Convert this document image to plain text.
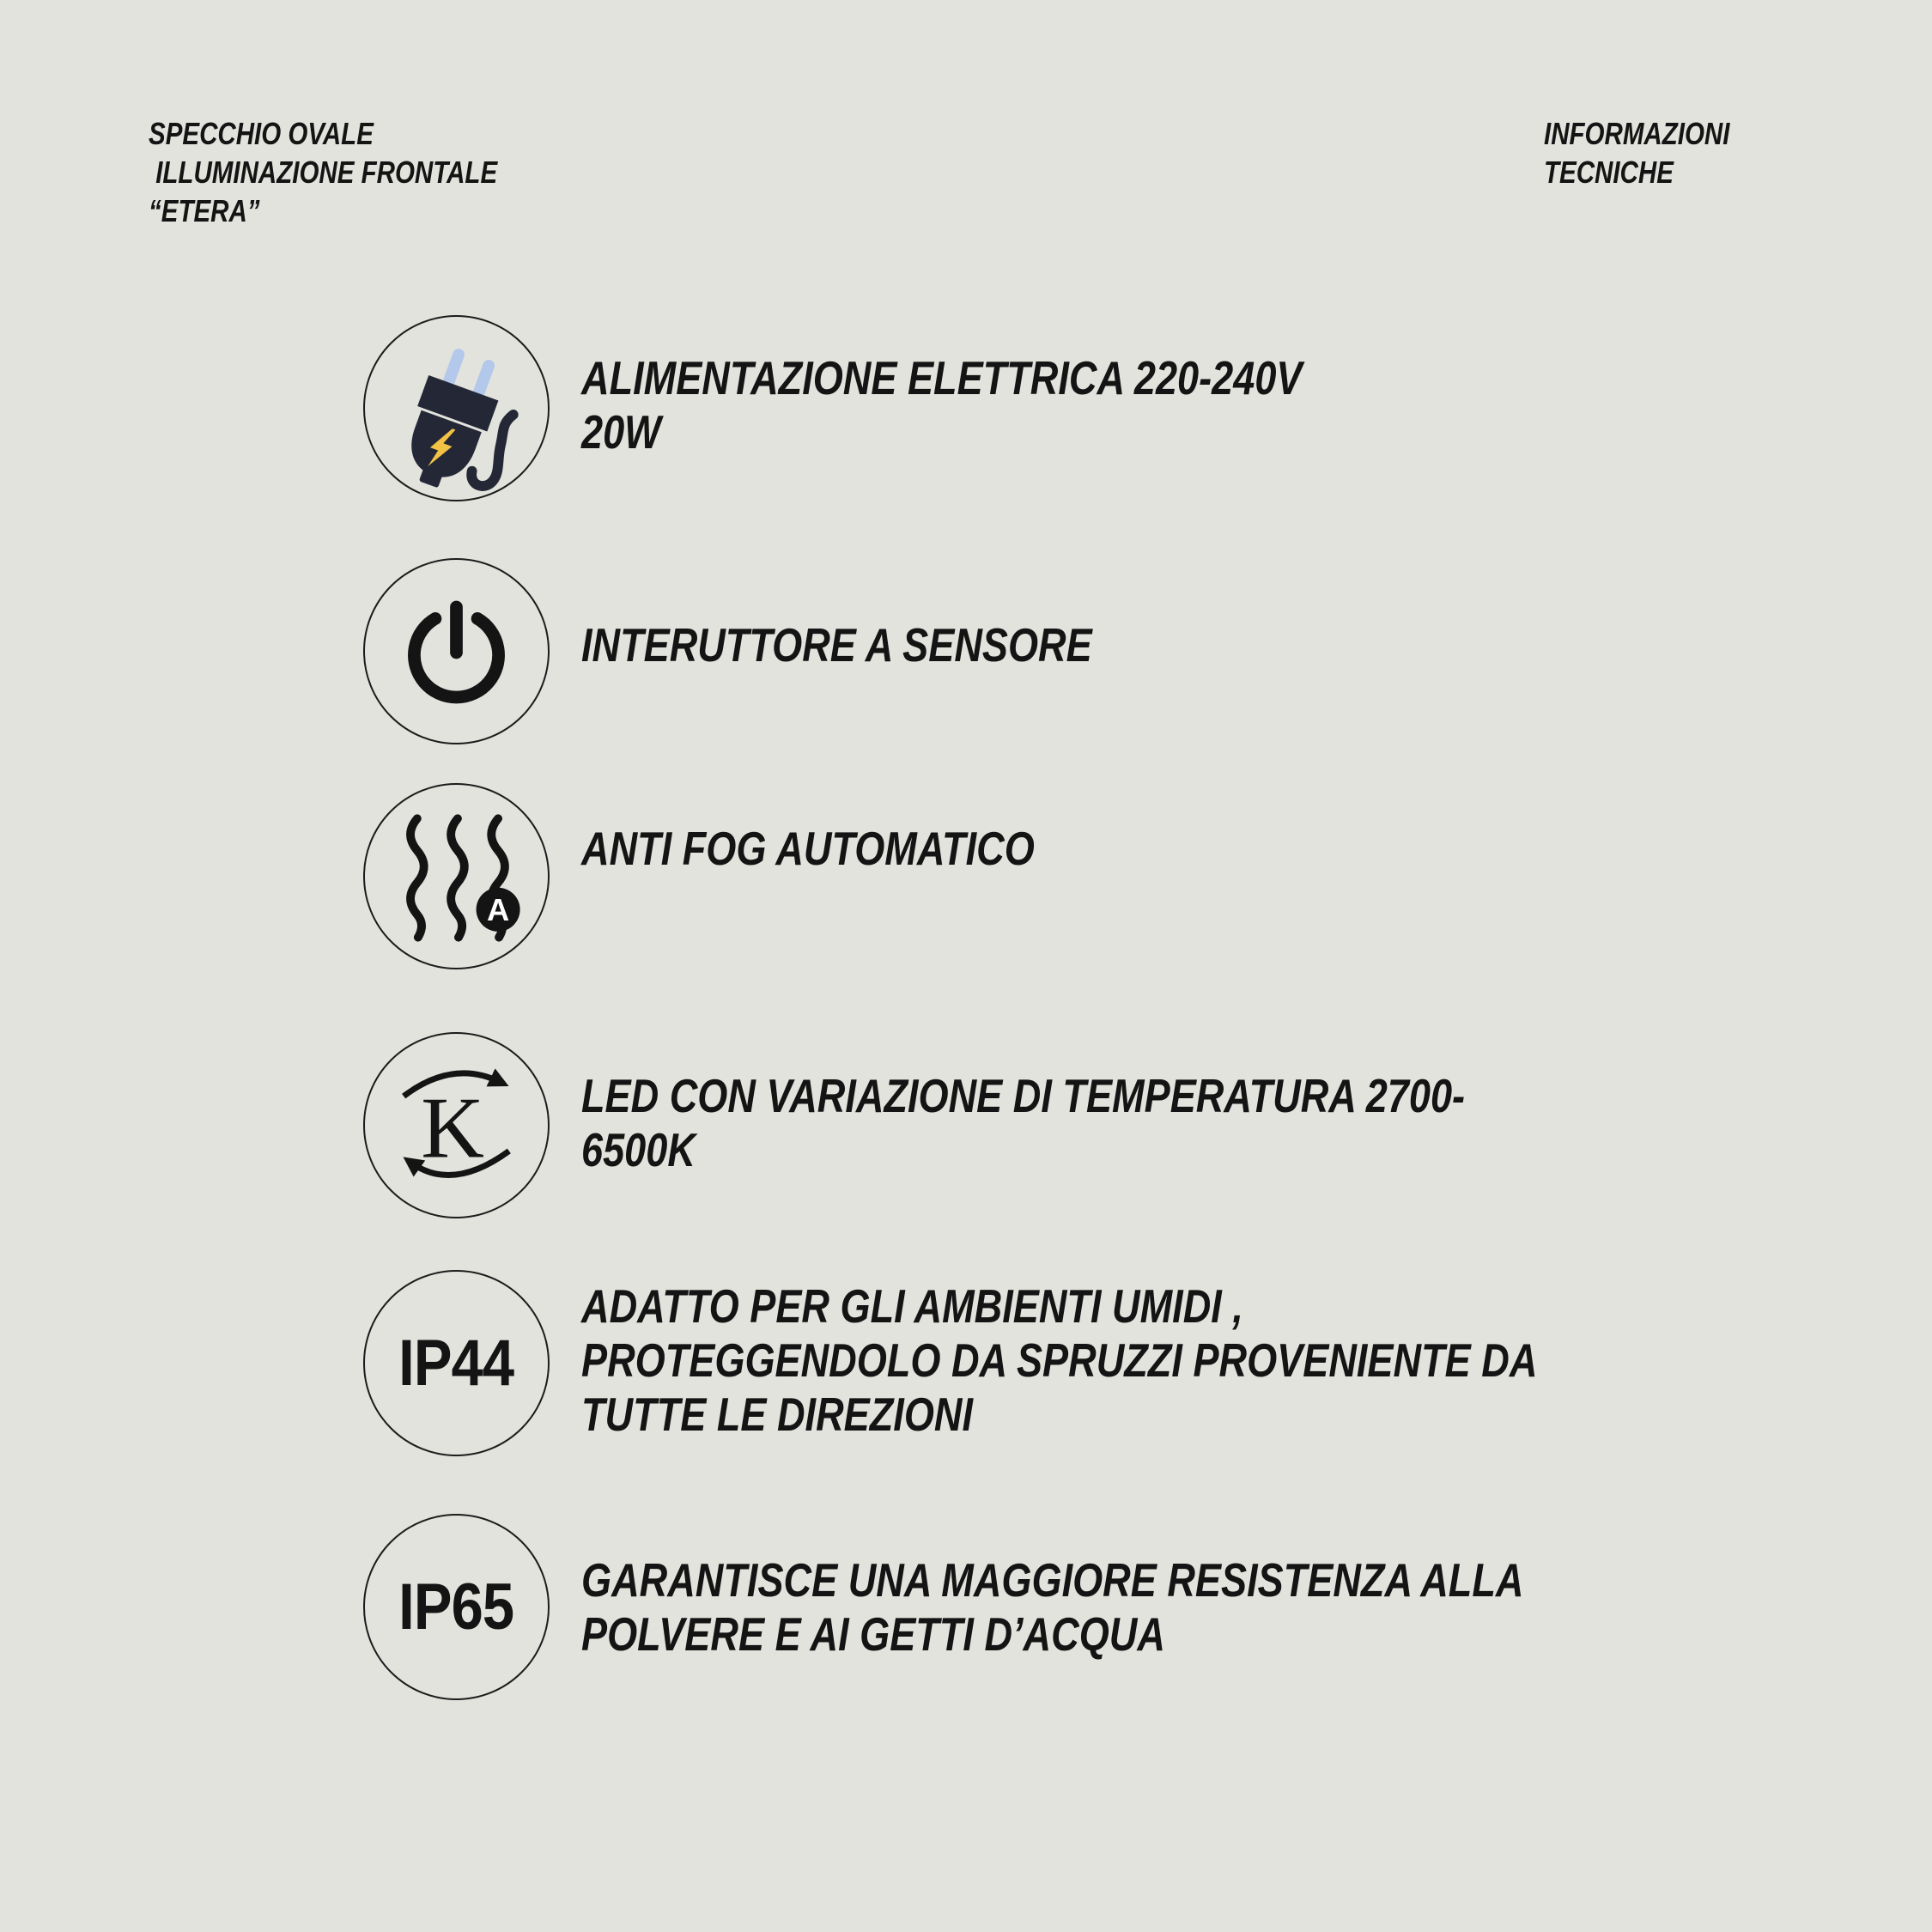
SPECCHIO OVALE
ILLUMINAZIONE FRONTALE
“ETERA”
INFORMAZIONI
TECNICHE
ALIMENTAZIONE ELETTRICA 220-240V
20W
INTERUTTORE A SENSORE
A
ANTI FOG AUTOMATICO
K LED CON VARIAZIONE DI TEMPERATURA 2700-
6500K
IP44
ADATTO PER GLI AMBIENTI UMIDI ,
PROTEGGENDOLO DA SPRUZZI PROVENIENTE DA
TUTTE LE DIREZIONI
IP65 GARANTISCE UNA MAGGIORE RESISTENZA ALLA
POLVERE E AI GETTI D’ACQUA
